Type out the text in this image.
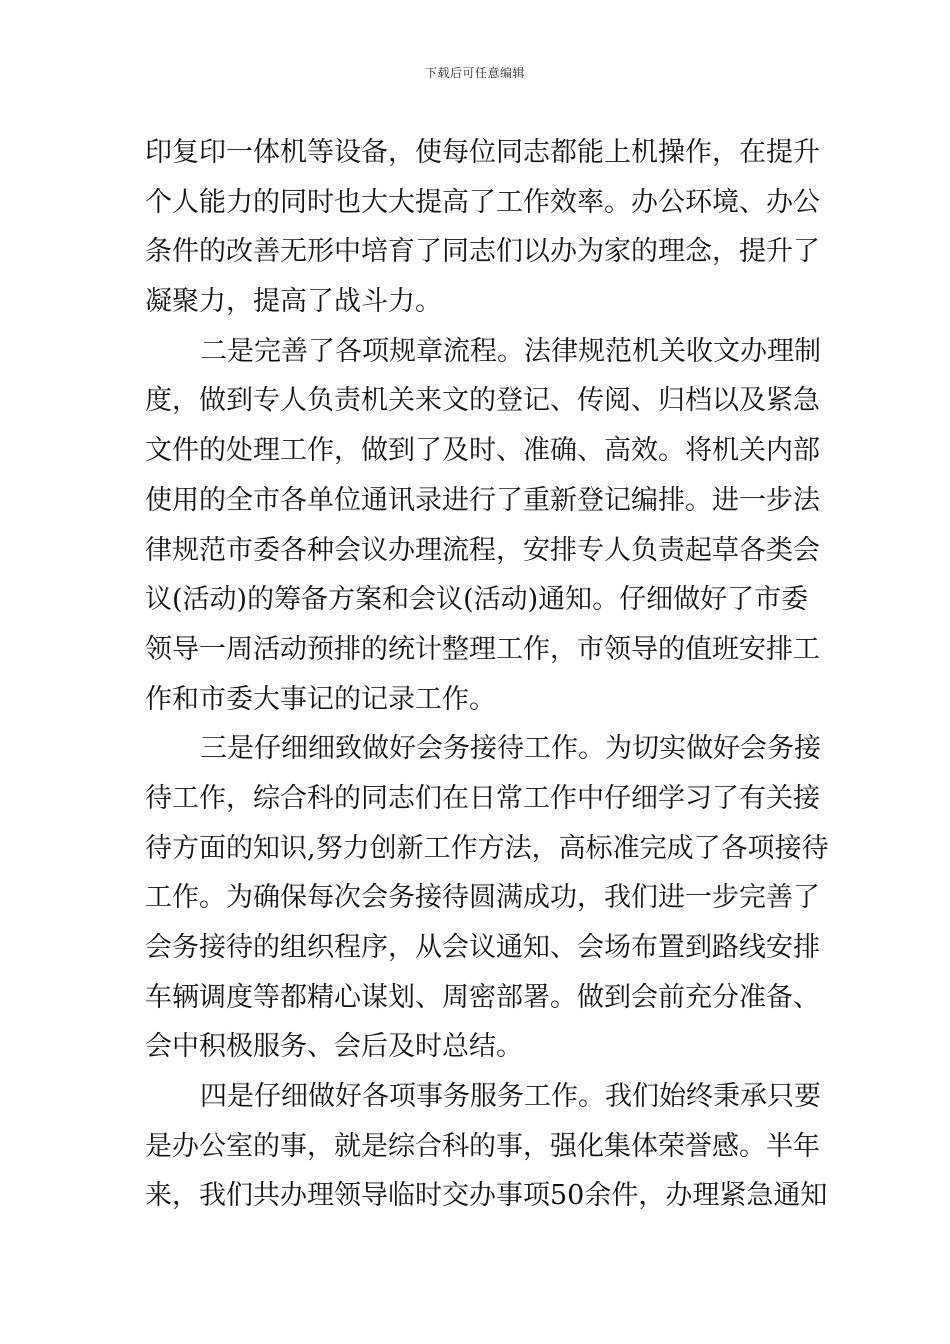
下载后可任意编辑
印复印一体机等设备，使每位同志都能上机操作，在提升
个人能力的同时也大大提高了工作效率。办公环境、办公
条件的改善无形中培育了同志们以办为家的理念，提升了
凝聚力，提高了战斗力。
二是完善了各项规章流程。法律规范机关收文办理制
度，做到专人负责机关来文的登记、传阅、归档以及紧急
文件的处理工作，做到了及时、准确、高效。将机关内部
使用的全市各单位通讯录进行了重新登记编排。进一步法
律规范市委各种会议办理流程，安排专人负责起草各类会
议(活动)的筹备方案和会议(活动)通知。仔细做好了市委
领导一周活动预排的统计整理工作，市领导的值班安排工
作和市委大事记的记录工作。
三是仔细细致做好会务接待工作。为切实做好会务接
待工作，综合科的同志们在日常工作中仔细学习了有关接
待方面的知识,努力创新工作方法，高标准完成了各项接待
工作。为确保每次会务接待圆满成功，我们进一步完善了
会务接待的组织程序，从会议通知、会场布置到路线安排
车辆调度等都精心谋划、周密部署。做到会前充分准备、
会中积极服务、会后及时总结。
四是仔细做好各项事务服务工作。我们始终秉承只要
是办公室的事，就是综合科的事，强化集体荣誉感。半年
来，我们共办理领导临时交办事项50余件，办理紧急通知
